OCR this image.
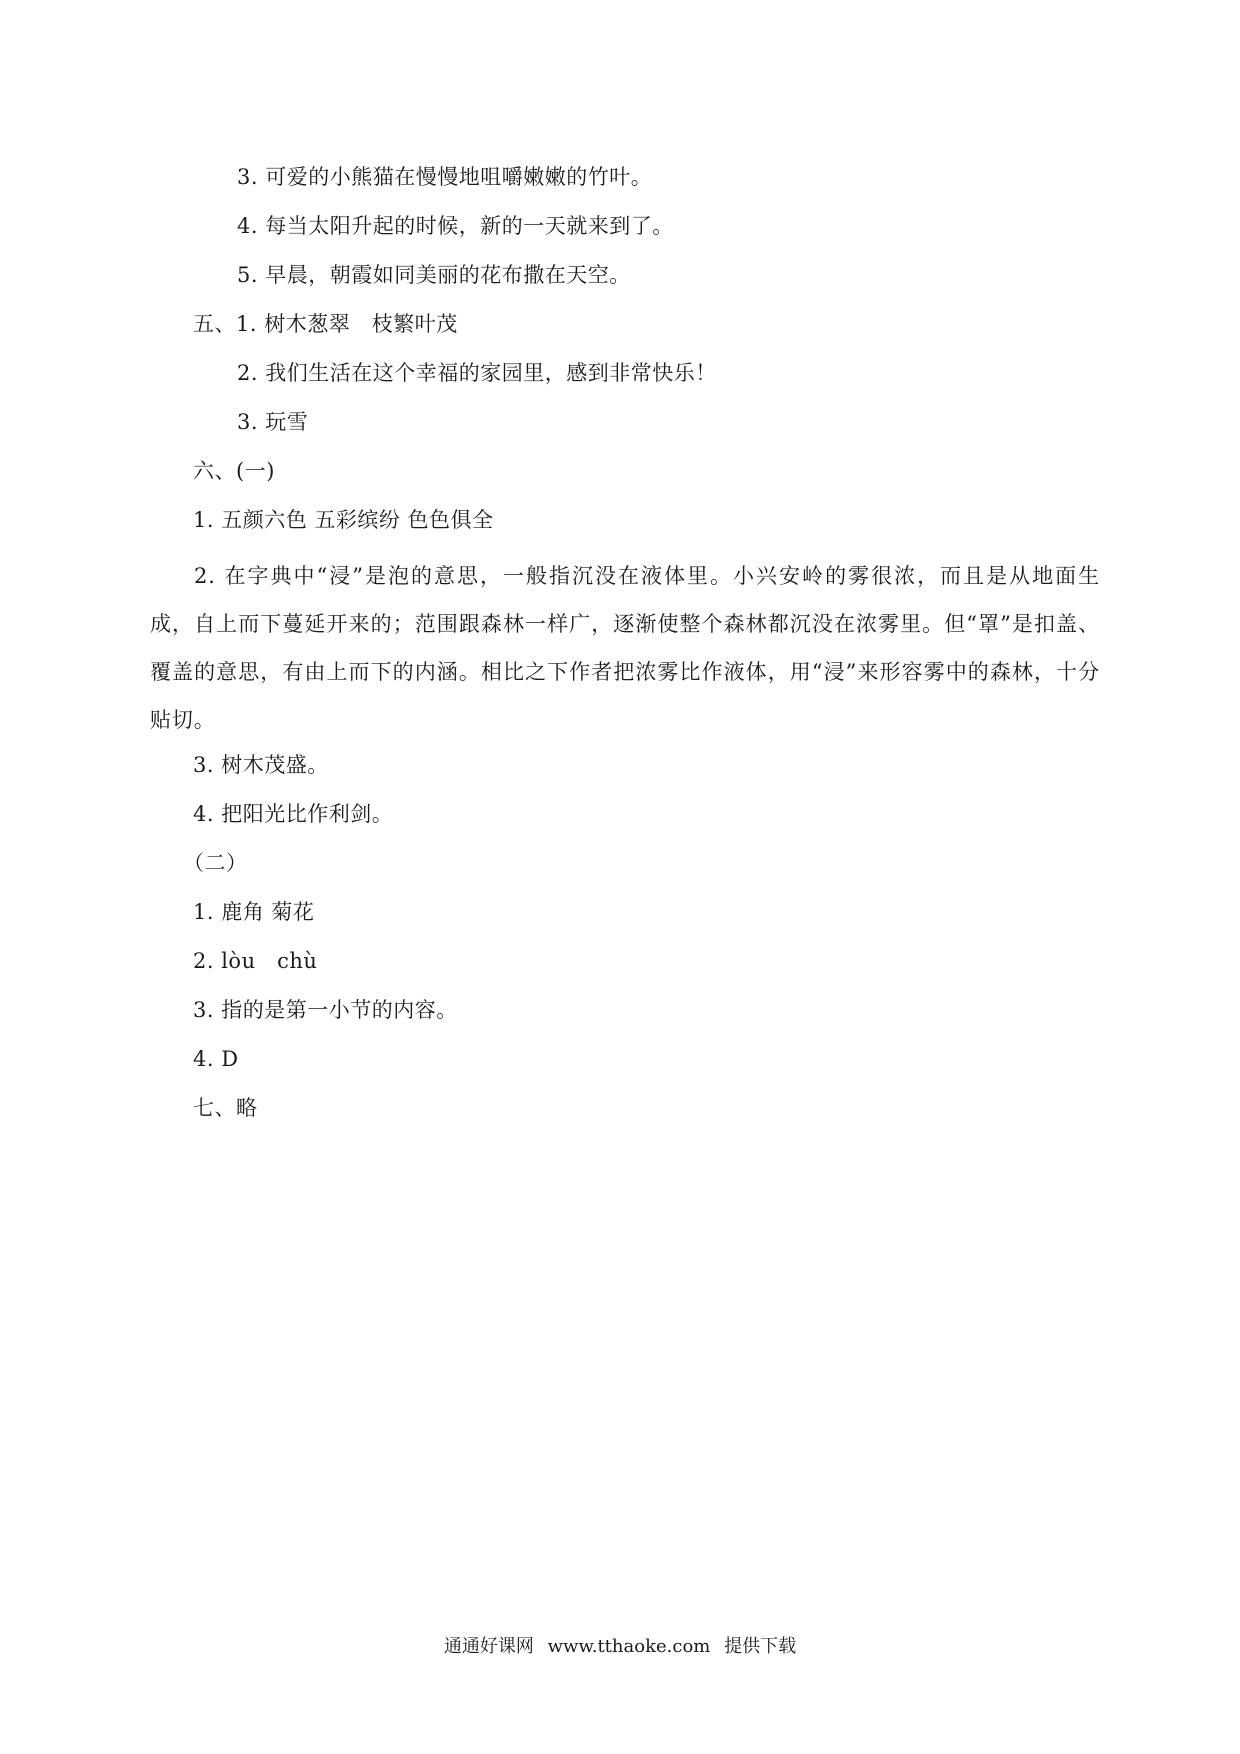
3. 可爱的小熊猫在慢慢地咀嚼嫩嫩的竹叶。
4. 每当太阳升起的时候，新的一天就来到了。
5. 早晨，朝霞如同美丽的花布撒在天空。
五、1. 树木葱翠　枝繁叶茂
2. 我们生活在这个幸福的家园里，感到非常快乐！
3. 玩雪
六、(一)
1. 五颜六色 五彩缤纷 色色俱全
2. 在字典中“浸”是泡的意思，一般指沉没在液体里。小兴安岭的雾很浓，而且是从地面生成，自上而下蔓延开来的；范围跟森林一样广，逐渐使整个森林都沉没在浓雾里。但“罩”是扣盖、覆盖的意思，有由上而下的内涵。相比之下作者把浓雾比作液体，用“浸”来形容雾中的森林，十分贴切。
3. 树木茂盛。
4. 把阳光比作利剑。
（二）
1. 鹿角 菊花
2. lòu　chù
3. 指的是第一小节的内容。
4. D
七、略
通通好课网 www.tthaoke.com 提供下载
